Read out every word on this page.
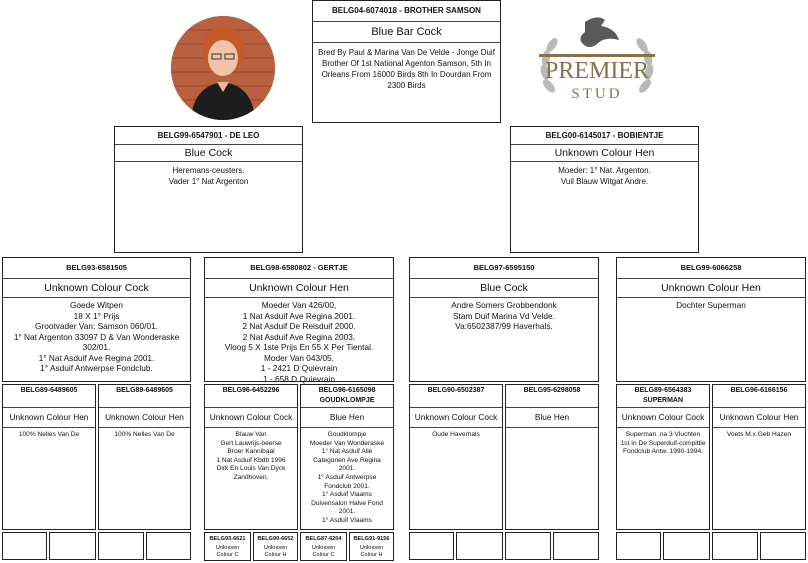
PREMIER
STUD
BELG04-6074018 - BROTHER SAMSON
Blue Bar Cock
Bred By Paul & Marina Van De Velde - Jonge Duif
Brother Of 1st National Agenton Samson, 5th In
Orleans From 16000 Birds 8th In Dourdan From
2300 Birds
BELG99-6547901 - DE LEO
Blue Cock
Heremans-ceusters.
Vader 1° Nat Argenton
BELG00-6145017 - BOBIENTJE
Unknown Colour Hen
Moeder: 1° Nat. Argenton.
Vuil Blauw Witgat Andre.
BELG93-6581505
Unknown Colour Cock
Goede Witpen
18 X 1° Prijs
Grootvader Van: Samson 060/01.
1° Nat Argenton 33097 D & Van Wonderaske
302/01.
1° Nat Asduif Ave Regina 2001.
1° Asduif Antwerpse Fondclub.
BELG98-6580802 - GERTJE
Unknown Colour Hen
Moeder Van 426/00,
1 Nat Asduif Ave Regina 2001.
2 Nat Asduif De Reisduif 2000.
2 Nat Asduif Ave Regina 2003.
Vloog 5 X 1ste Prijs En 55 X Per Tiental.
Moder Van 043/05.
1 - 2421 D Quievrain
1 - 658 D Quievrain
BELG97-6595150
Blue Cock
Andre Somers Grobbendonk
Stam Duif Marina Vd Velde.
Va:6502387/99 Haverhals.
BELG99-6066258
Unknown Colour Hen
Dochter Superman
BELG89-6489605
Unknown Colour Hen
100% Nelles Van De
BELG89-6489605
Unknown Colour Hen
100% Nelles Van De
BELG96-6452296
Unknown Colour Cock
Blauw Van
Gert Lauwrijs-beerse
Broer Kannibaal
1 Nat Asduif Kbdb 1996
Dirk En Louis Van Dyck
Zandhoven.
BELG96-6165098
GOUDKLOMPJE
Blue Hen
Goudklompje
Moeder Van Wonderaske
1° Nat Asduif Alle
Categorien Ave Regina
2001.
1° Asduif Antwerpse
Fondclub 2001.
1° Asduif Vlaams
Duivensalon Halve Fond
2001.
1° Asduif Vlaams
BELG90-6502387
Unknown Colour Cock
Oude Haverhals
BELG95-6298058
Blue Hen
BELG89-6564383
SUPERMAN
Unknown Colour Cock
Superman .na 3 Vluchten
1st In De Superduif-compittie
Fondclub Antw. 1990-1994.
BELG96-6166156
Unknown Colour Hen
Voets M.x Geb Hazen
BELG93-6621
Unknown
Colour C
BELG90-6652
Unknown
Colour H
BELG87-6204
Unknown
Colour C
BELG91-9156
Unknown
Colour H
